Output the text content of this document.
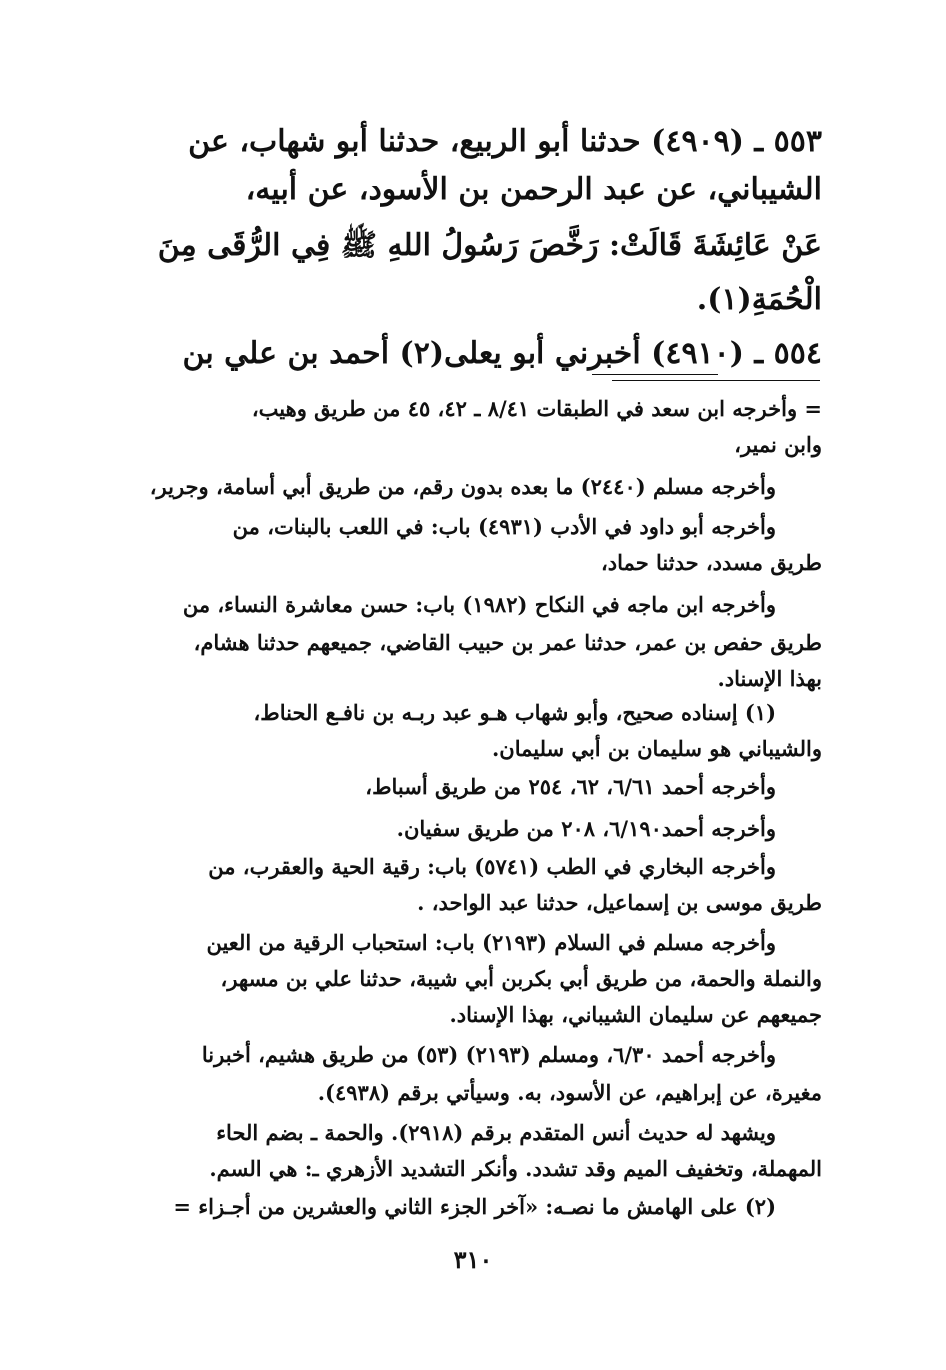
٥٥٣ ـ (٤٩٠٩) حدثنا أبو الربيع، حدثنا أبو شهاب، عن
الشيباني، عن عبد الرحمن بن الأسود، عن أبيه،
عَنْ عَائِشَةَ قَالَتْ: رَخَّصَ رَسُولُ اللهِ ﷺ فِي الرُّقَى مِنَ
الْحُمَةِ(١).
٥٥٤ ـ (٤٩١٠) أخبرني أبو يعلى(٢) أحمد بن علي بن
= وأخرجه ابن سعد في الطبقات ٨/٤١ ـ ٤٢، ٤٥ من طريق وهيب،
وابن نمير،
وأخرجه مسلم (٢٤٤٠) ما بعده بدون رقم، من طريق أبي أسامة، وجرير،
وأخرجه أبو داود في الأدب (٤٩٣١) باب: في اللعب بالبنات، من
طريق مسدد، حدثنا حماد،
وأخرجه ابن ماجه في النكاح (١٩٨٢) باب: حسن معاشرة النساء، من
طريق حفص بن عمر، حدثنا عمر بن حبيب القاضي، جميعهم حدثنا هشام،
بهذا الإسناد.
(١) إسناده صحيح، وأبو شهاب هـو عبد ربـه بن نافـع الحناط،
والشيباني هو سليمان بن أبي سليمان.
وأخرجه أحمد ٦/٦١، ٦٢، ٢٥٤ من طريق أسباط،
وأخرجه أحمد٦/١٩٠، ٢٠٨ من طريق سفيان.
وأخرجه البخاري في الطب (٥٧٤١) باب: رقية الحية والعقرب، من
طريق موسى بن إسماعيل، حدثنا عبد الواحد، .
وأخرجه مسلم في السلام (٢١٩٣) باب: استحباب الرقية من العين
والنملة والحمة، من طريق أبي بكربن أبي شيبة، حدثنا علي بن مسهر،
جميعهم عن سليمان الشيباني، بهذا الإسناد.
وأخرجه أحمد ٦/٣٠، ومسلم (٢١٩٣) (٥٣) من طريق هشيم، أخبرنا
مغيرة، عن إبراهيم، عن الأسود، به. وسيأتي برقم (٤٩٣٨).
ويشهد له حديث أنس المتقدم برقم (٢٩١٨). والحمة ـ بضم الحاء
المهملة، وتخفيف الميم وقد تشدد. وأنكر التشديد الأزهري ـ: هي السم.
(٢) على الهامش ما نصـه: «آخر الجزء الثاني والعشرين من أجـزاء =
٣١٠
